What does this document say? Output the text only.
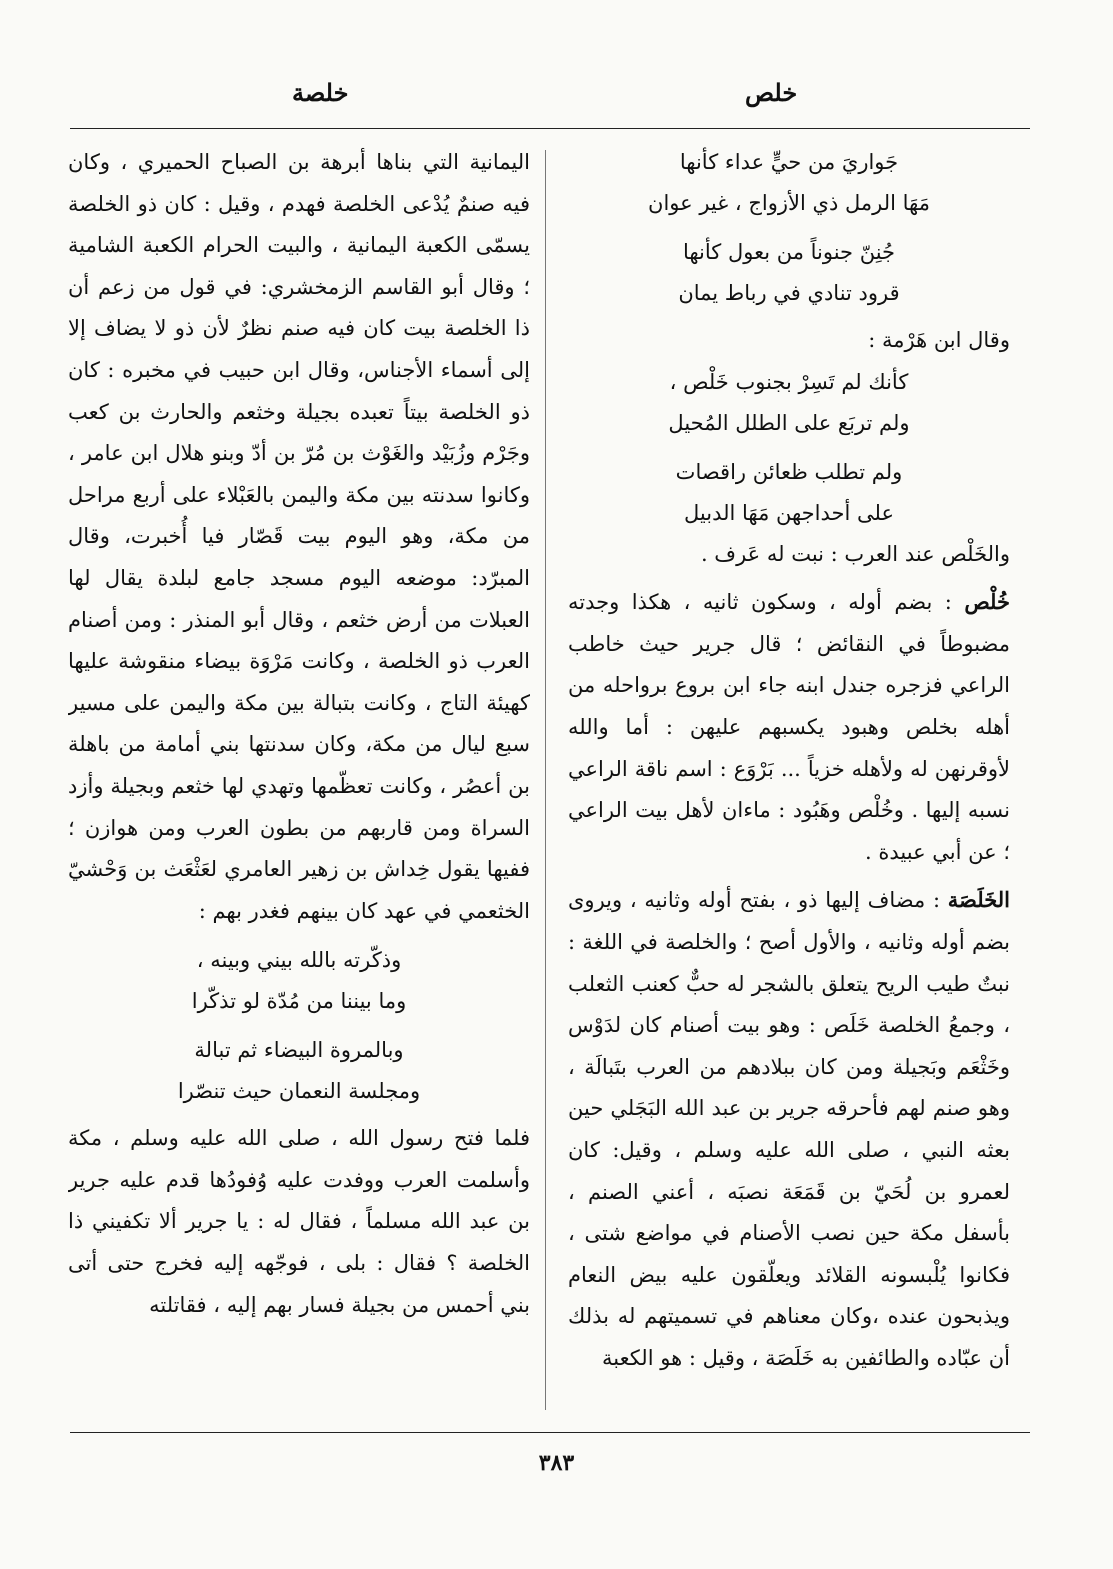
خلص
خلصة

جَواريَ من حيٍّ عداء كأنها

مَهَا الرمل ذي الأزواج ، غير عوان

جُنِنّ جنوناً من بعول كأنها

قرود تنادي في رباط يمان

وقال ابن هَرْمة :

كأنك لم تَسِرْ بجنوب خَلْص ،

ولم تربَع على الطلل المُحيل

ولم تطلب ظعائن راقصات

على أحداجهن مَهَا الدبيل

والخَلْص عند العرب : نبت له عَرف .

خُلْص : بضم أوله ، وسكون ثانيه ، هكذا وجدته مضبوطاً في النقائض ؛ قال جرير حيث خاطب الراعي فزجره جندل ابنه جاء ابن بروع برواحله من أهله بخلص وهبود يكسبهم عليهن : أما والله لأوقرنهن له ولأهله خزياً ... بَرْوَع : اسم ناقة الراعي نسبه إليها . وخُلْص وهَبُود : ماءان لأهل بيت الراعي ؛ عن أبي عبيدة .

الخَلَصَة : مضاف إليها ذو ، بفتح أوله وثانيه ، ويروى بضم أوله وثانيه ، والأول أصح ؛ والخلصة في اللغة : نبتٌ طيب الريح يتعلق بالشجر له حبٌّ كعنب الثعلب ، وجمعُ الخلصة خَلَص : وهو بيت أصنام كان لدَوْس وخَثْعَم وبَجيلة ومن كان ببلادهم من العرب بتَبالَة ، وهو صنم لهم فأحرقه جرير بن عبد الله البَجَلي حين بعثه النبي ، صلى الله عليه وسلم ، وقيل: كان لعمرو بن لُحَيّ بن قَمَعَة نصبَه ، أعني الصنم ، بأسفل مكة حين نصب الأصنام في مواضع شتى ، فكانوا يُلْبسونه القلائد ويعلّقون عليه بيض النعام ويذبحون عنده ،وكان معناهم في تسميتهم له بذلك أن عبّاده والطائفين به خَلَصَة ، وقيل : هو الكعبة

اليمانية التي بناها أبرهة بن الصباح الحميري ، وكان فيه صنمٌ يُدْعى الخلصة فهدم ، وقيل : كان ذو الخلصة يسمّى الكعبة اليمانية ، والبيت الحرام الكعبة الشامية ؛ وقال أبو القاسم الزمخشري: في قول من زعم أن ذا الخلصة بيت كان فيه صنم نظرٌ لأن ذو لا يضاف إلا إلى أسماء الأجناس، وقال ابن حبيب في مخبره : كان ذو الخلصة بيتاً تعبده بجيلة وخثعم والحارث بن كعب وجَرْم وزُبَيْد والغَوْث بن مُرّ بن أدّ وبنو هلال ابن عامر ، وكانوا سدنته بين مكة واليمن بالعَبْلاء على أربع مراحل من مكة، وهو اليوم بيت قَصّار فيا أُخبرت، وقال المبرّد: موضعه اليوم مسجد جامع لبلدة يقال لها العبلات من أرض خثعم ، وقال أبو المنذر : ومن أصنام العرب ذو الخلصة ، وكانت مَرْوَة بيضاء منقوشة عليها كهيئة التاج ، وكانت بتبالة بين مكة واليمن على مسير سبع ليال من مكة، وكان سدنتها بني أمامة من باهلة بن أعصُر ، وكانت تعظّمها وتهدي لها خثعم وبجيلة وأزد السراة ومن قاربهم من بطون العرب ومن هوازن ؛ ففيها يقول خِداش بن زهير العامري لعَثْعَث بن وَحْشيّ الخثعمي في عهد كان بينهم فغدر بهم :

وذكّرته بالله بيني وبينه ،

وما بيننا من مُدّة لو تذكّرا

وبالمروة البيضاء ثم تبالة

ومجلسة النعمان حيث تنصّرا

فلما فتح رسول الله ، صلى الله عليه وسلم ، مكة وأسلمت العرب ووفدت عليه وُفودُها قدم عليه جرير بن عبد الله مسلماً ، فقال له : يا جرير ألا تكفيني ذا الخلصة ؟ فقال : بلى ، فوجّهه إليه فخرج حتى أتى بني أحمس من بجيلة فسار بهم إليه ، فقاتلته

٣٨٣
